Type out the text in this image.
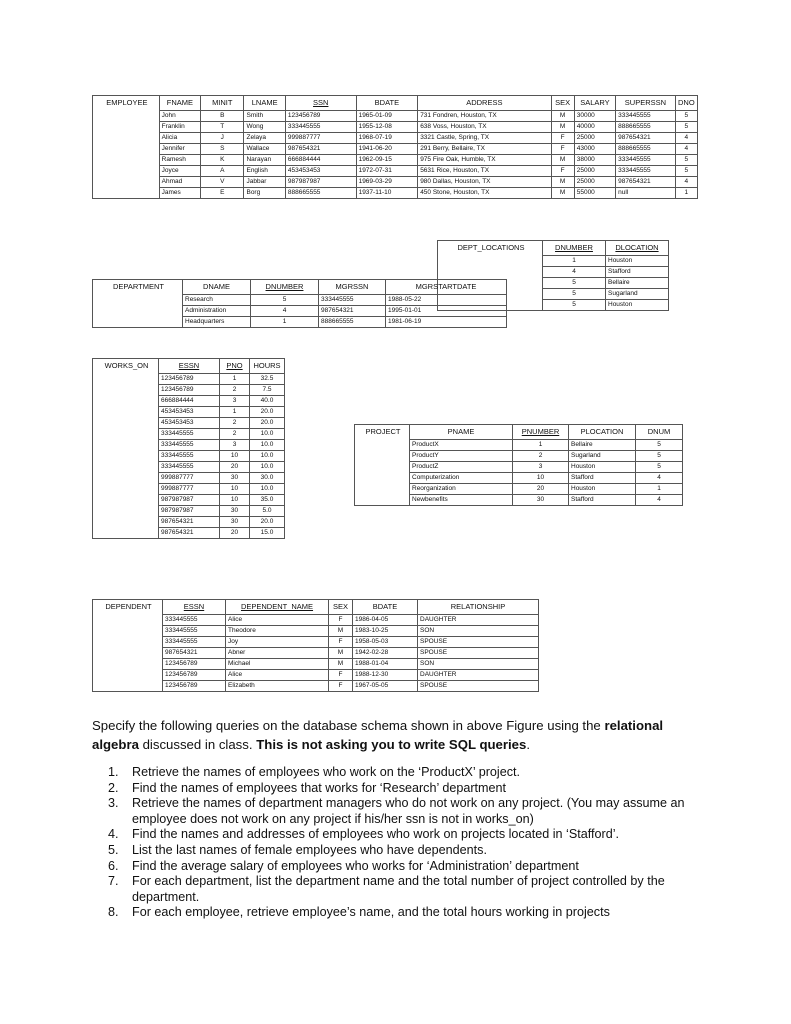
EMPLOYEE	FNAME	MINIT	LNAME	SSN	BDATE	ADDRESS	SEX	SALARY	SUPERSSN	DNO
	John	B	Smith	123456789	1965-01-09	731 Fondren, Houston, TX	M	30000	333445555	5
	Franklin	T	Wong	333445555	1955-12-08	638 Voss, Houston, TX	M	40000	888665555	5
	Alicia	J	Zelaya	999887777	1968-07-19	3321 Castle, Spring, TX	F	25000	987654321	4
	Jennifer	S	Wallace	987654321	1941-06-20	291 Berry, Bellaire, TX	F	43000	888665555	4
	Ramesh	K	Narayan	666884444	1962-09-15	975 Fire Oak, Humble, TX	M	38000	333445555	5
	Joyce	A	English	453453453	1972-07-31	5631 Rice, Houston, TX	F	25000	333445555	5
	Ahmad	V	Jabbar	987987987	1969-03-29	980 Dallas, Houston, TX	M	25000	987654321	4
	James	E	Borg	888665555	1937-11-10	450 Stone, Houston, TX	M	55000	null	1
DEPT_LOCATIONS	DNUMBER	DLOCATION
	1	Houston
	4	Stafford
	5	Bellaire
	5	Sugarland
	5	Houston
DEPARTMENT	DNAME	DNUMBER	MGRSSN	MGRSTARTDATE
	Research	5	333445555	1988-05-22
	Administration	4	987654321	1995-01-01
	Headquarters	1	888665555	1981-06-19
WORKS_ON	ESSN	PNO	HOURS
	123456789	1	32.5
	123456789	2	7.5
	666884444	3	40.0
	453453453	1	20.0
	453453453	2	20.0
	333445555	2	10.0
	333445555	3	10.0
	333445555	10	10.0
	333445555	20	10.0
	999887777	30	30.0
	999887777	10	10.0
	987987987	10	35.0
	987987987	30	5.0
	987654321	30	20.0
	987654321	20	15.0
PROJECT	PNAME	PNUMBER	PLOCATION	DNUM
	ProductX	1	Bellaire	5
	ProductY	2	Sugarland	5
	ProductZ	3	Houston	5
	Computerization	10	Stafford	4
	Reorganization	20	Houston	1
	Newbenefits	30	Stafford	4
DEPENDENT	ESSN	DEPENDENT_NAME	SEX	BDATE	RELATIONSHIP
	333445555	Alice	F	1986-04-05	DAUGHTER
	333445555	Theodore	M	1983-10-25	SON
	333445555	Joy	F	1958-05-03	SPOUSE
	987654321	Abner	M	1942-02-28	SPOUSE
	123456789	Michael	M	1988-01-04	SON
	123456789	Alice	F	1988-12-30	DAUGHTER
	123456789	Elizabeth	F	1967-05-05	SPOUSE
Specify the following queries on the database schema shown in above Figure using the relational algebra discussed in class. This is not asking you to write SQL queries.
1. Retrieve the names of employees who work on the ‘ProductX’ project.
2. Find the names of employees that works for ‘Research’ department
3. Retrieve the names of department managers who do not work on any project. (You may assume an employee does not work on any project if his/her ssn is not in works_on)
4. Find the names and addresses of employees who work on projects located in ‘Stafford’.
5. List the last names of female employees who have dependents.
6. Find the average salary of employees who works for ‘Administration’ department
7. For each department, list the department name and the total number of project controlled by the department.
8. For each employee, retrieve employee’s name, and the total hours working in projects
